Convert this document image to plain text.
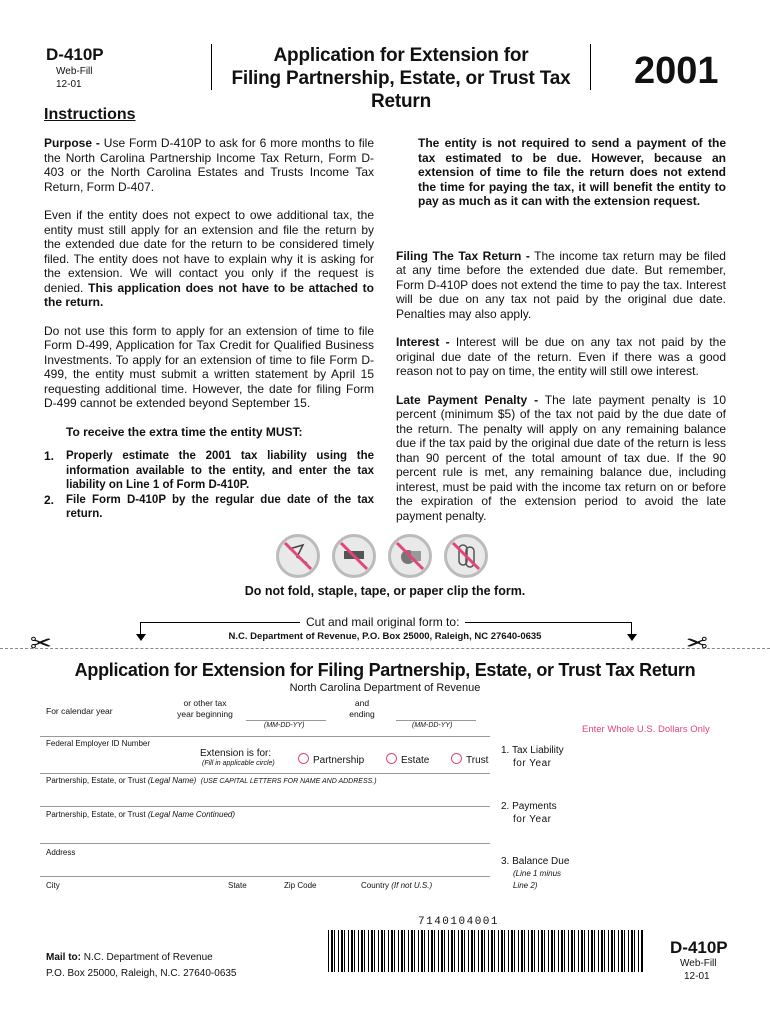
D-410P
Web-Fill
12-01
Application for Extension for
Filing Partnership, Estate, or Trust Tax Return
2001
Instructions

Purpose - Use Form D-410P to ask for 6 more months to file the North Carolina Partnership Income Tax Return, Form D-403 or the North Carolina Estates and Trusts Income Tax Return, Form D-407.

Even if the entity does not expect to owe additional tax, the entity must still apply for an extension and file the return by the extended due date for the return to be considered timely filed. The entity does not have to explain why it is asking for the extension. We will contact you only if the request is denied. This application does not have to be attached to the return.

Do not use this form to apply for an extension of time to file Form D-499, Application for Tax Credit for Qualified Business Investments. To apply for an extension of time to file Form D-499, the entity must submit a written statement by April 15 requesting additional time. However, the date for filing Form D-499 cannot be extended beyond September 15.

To receive the extra time the entity MUST:

1.	Properly estimate the 2001 tax liability using the information available to the entity, and enter the tax liability on Line 1 of Form D-410P.
2.	File Form D-410P by the regular due date of the tax return.

The entity is not required to send a payment of the tax estimated to be due. However, because an extension of time to file the return does not extend the time for paying the tax, it will benefit the entity to pay as much as it can with the extension request.

Filing The Tax Return - The income tax return may be filed at any time before the extended due date. But remember, Form D-410P does not extend the time to pay the tax. Interest will be due on any tax not paid by the original due date. Penalties may also apply.

Interest - Interest will be due on any tax not paid by the original due date of the return. Even if there was a good reason not to pay on time, the entity will still owe interest.

Late Payment Penalty - The late payment penalty is 10 percent (minimum $5) of the tax not paid by the due date of the return. The penalty will apply on any remaining balance due if the tax paid by the original due date of the return is less than 90 percent of the total amount of tax due. If the 90 percent rule is met, any remaining balance due, including interest, must be paid with the income tax return on or before the expiration of the extension period to avoid the late payment penalty.

Do not fold, staple, tape, or paper clip the form.
Cut and mail original form to:
N.C. Department of Revenue, P.O. Box 25000, Raleigh, NC 27640-0635
✂	✂
Application for Extension for Filing Partnership, Estate, or Trust Tax Return
North Carolina Department of Revenue
For calendar year
or other tax
year beginning
and
ending
(MM-DD-YY)	(MM-DD-YY)	Enter Whole U.S. Dollars Only
Federal Employer ID Number
Extension is for:
(Fill in applicable circle)	Partnership	Estate	Trust
1. Tax Liability
for Year
Partnership, Estate, or Trust (Legal Name) (USE CAPITAL LETTERS FOR NAME AND ADDRESS.)
2. Payments
for Year
Partnership, Estate, or Trust (Legal Name Continued)
Address
3. Balance Due
(Line 1 minus
Line 2)
City	State	Zip Code	Country (If not U.S.)
7140104001
Mail to: N.C. Department of Revenue
P.O. Box 25000, Raleigh, N.C. 27640-0635
D-410P
Web-Fill
12-01
